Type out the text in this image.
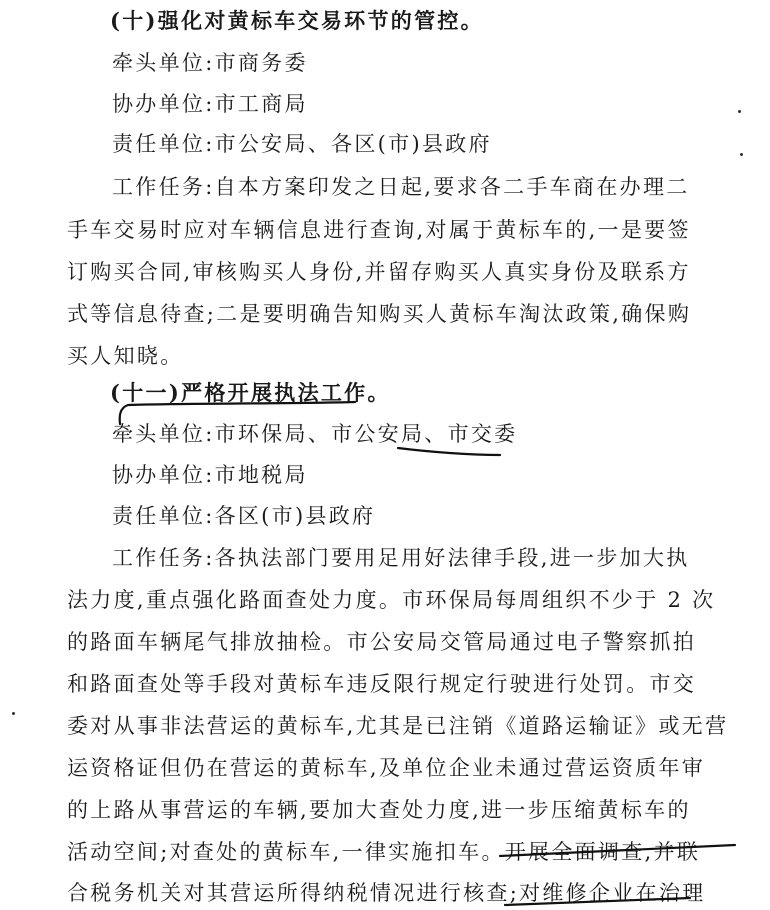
(十)强化对黄标车交易环节的管控。
牵头单位:市商务委
协办单位:市工商局
责任单位:市公安局、各区(市)县政府
工作任务:自本方案印发之日起,要求各二手车商在办理二
手车交易时应对车辆信息进行查询,对属于黄标车的,一是要签
订购买合同,审核购买人身份,并留存购买人真实身份及联系方
式等信息待查;二是要明确告知购买人黄标车淘汰政策,确保购
买人知晓。
(十一)严格开展执法工作。
牵头单位:市环保局、市公安局、市交委
协办单位:市地税局
责任单位:各区(市)县政府
工作任务:各执法部门要用足用好法律手段,进一步加大执
法力度,重点强化路面查处力度。市环保局每周组织不少于 2 次
的路面车辆尾气排放抽检。市公安局交管局通过电子警察抓拍
和路面查处等手段对黄标车违反限行规定行驶进行处罚。市交
委对从事非法营运的黄标车,尤其是已注销《道路运输证》或无营
运资格证但仍在营运的黄标车,及单位企业未通过营运资质年审
的上路从事营运的车辆,要加大查处力度,进一步压缩黄标车的
活动空间;对查处的黄标车,一律实施扣车。开展全面调查,并联
合税务机关对其营运所得纳税情况进行核查;对维修企业在治理
